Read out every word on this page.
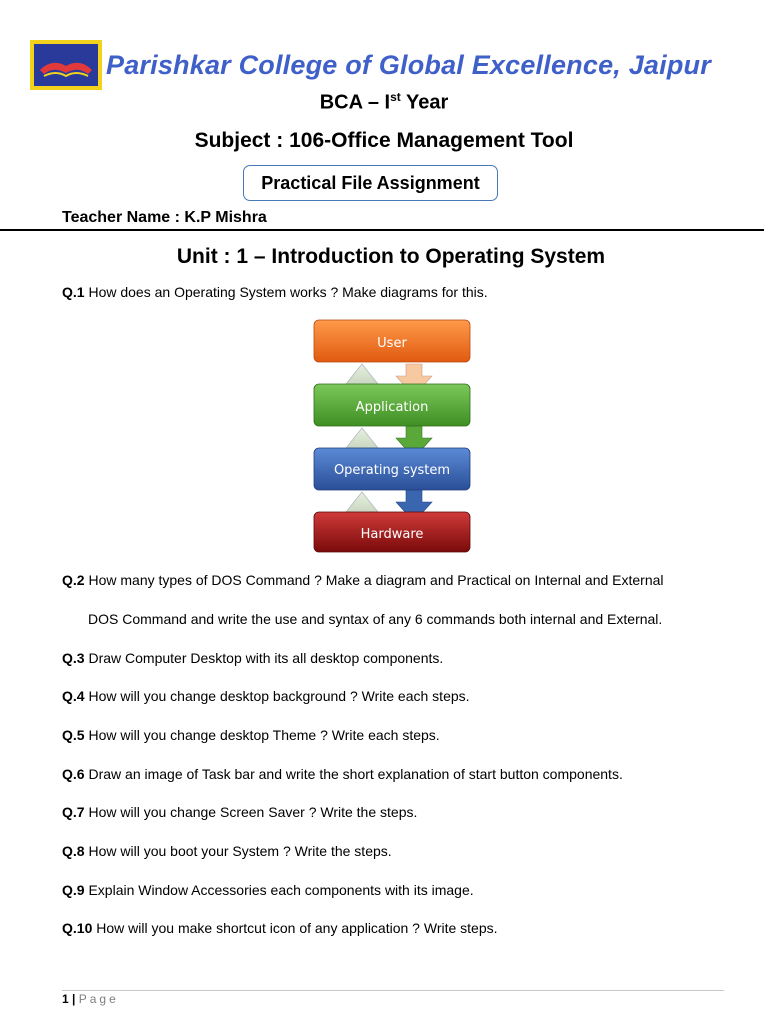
Parishkar College of Global Excellence, Jaipur
BCA – Ist Year
Subject : 106-Office Management Tool
Practical File Assignment
Teacher Name : K.P Mishra
Unit : 1 – Introduction to Operating System
Q.1 How does an Operating System works ? Make diagrams for this.
User
Application
Operating system
Hardware
Q.2 How many types of DOS Command ? Make a diagram and Practical on Internal and External
DOS Command and write the use and syntax of any 6 commands both internal and External.
Q.3 Draw Computer Desktop with its all desktop components.
Q.4 How will you change desktop background ? Write each steps.
Q.5 How will you change desktop Theme ? Write each steps.
Q.6 Draw an image of Task bar and write the short explanation of start button components.
Q.7 How will you change Screen Saver ? Write the steps.
Q.8 How will you boot your System ? Write the steps.
Q.9 Explain Window Accessories each components with its image.
Q.10 How will you make shortcut icon of any application ? Write steps.
1 | Page
